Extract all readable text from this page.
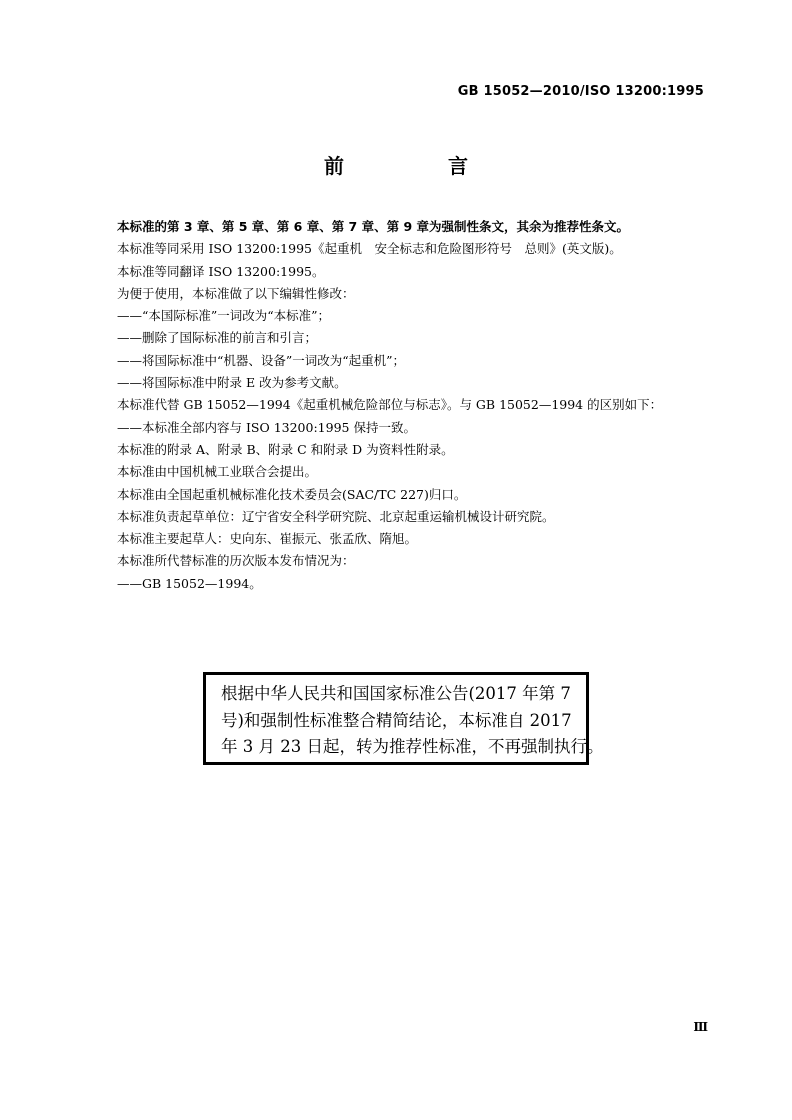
GB 15052—2010/ISO 13200:1995
前　言
本标准的第 3 章、第 5 章、第 6 章、第 7 章、第 9 章为强制性条文，其余为推荐性条文。
本标准等同采用 ISO 13200:1995《起重机　安全标志和危险图形符号　总则》(英文版)。
本标准等同翻译 ISO 13200:1995。
为便于使用，本标准做了以下编辑性修改：
——“本国际标准”一词改为“本标准”；
——删除了国际标准的前言和引言；
——将国际标准中“机器、设备”一词改为“起重机”；
——将国际标准中附录 E 改为参考文献。
本标准代替 GB 15052—1994《起重机械危险部位与标志》。与 GB 15052—1994 的区别如下：
——本标准全部内容与 ISO 13200:1995 保持一致。
本标准的附录 A、附录 B、附录 C 和附录 D 为资料性附录。
本标准由中国机械工业联合会提出。
本标准由全国起重机械标准化技术委员会(SAC/TC 227)归口。
本标准负责起草单位：辽宁省安全科学研究院、北京起重运输机械设计研究院。
本标准主要起草人：史向东、崔振元、张孟欣、隋旭。
本标准所代替标准的历次版本发布情况为：
——GB 15052—1994。
根据中华人民共和国国家标准公告(2017 年第 7
号)和强制性标准整合精简结论，本标准自 2017
年 3 月 23 日起，转为推荐性标准，不再强制执行。
Ⅲ
